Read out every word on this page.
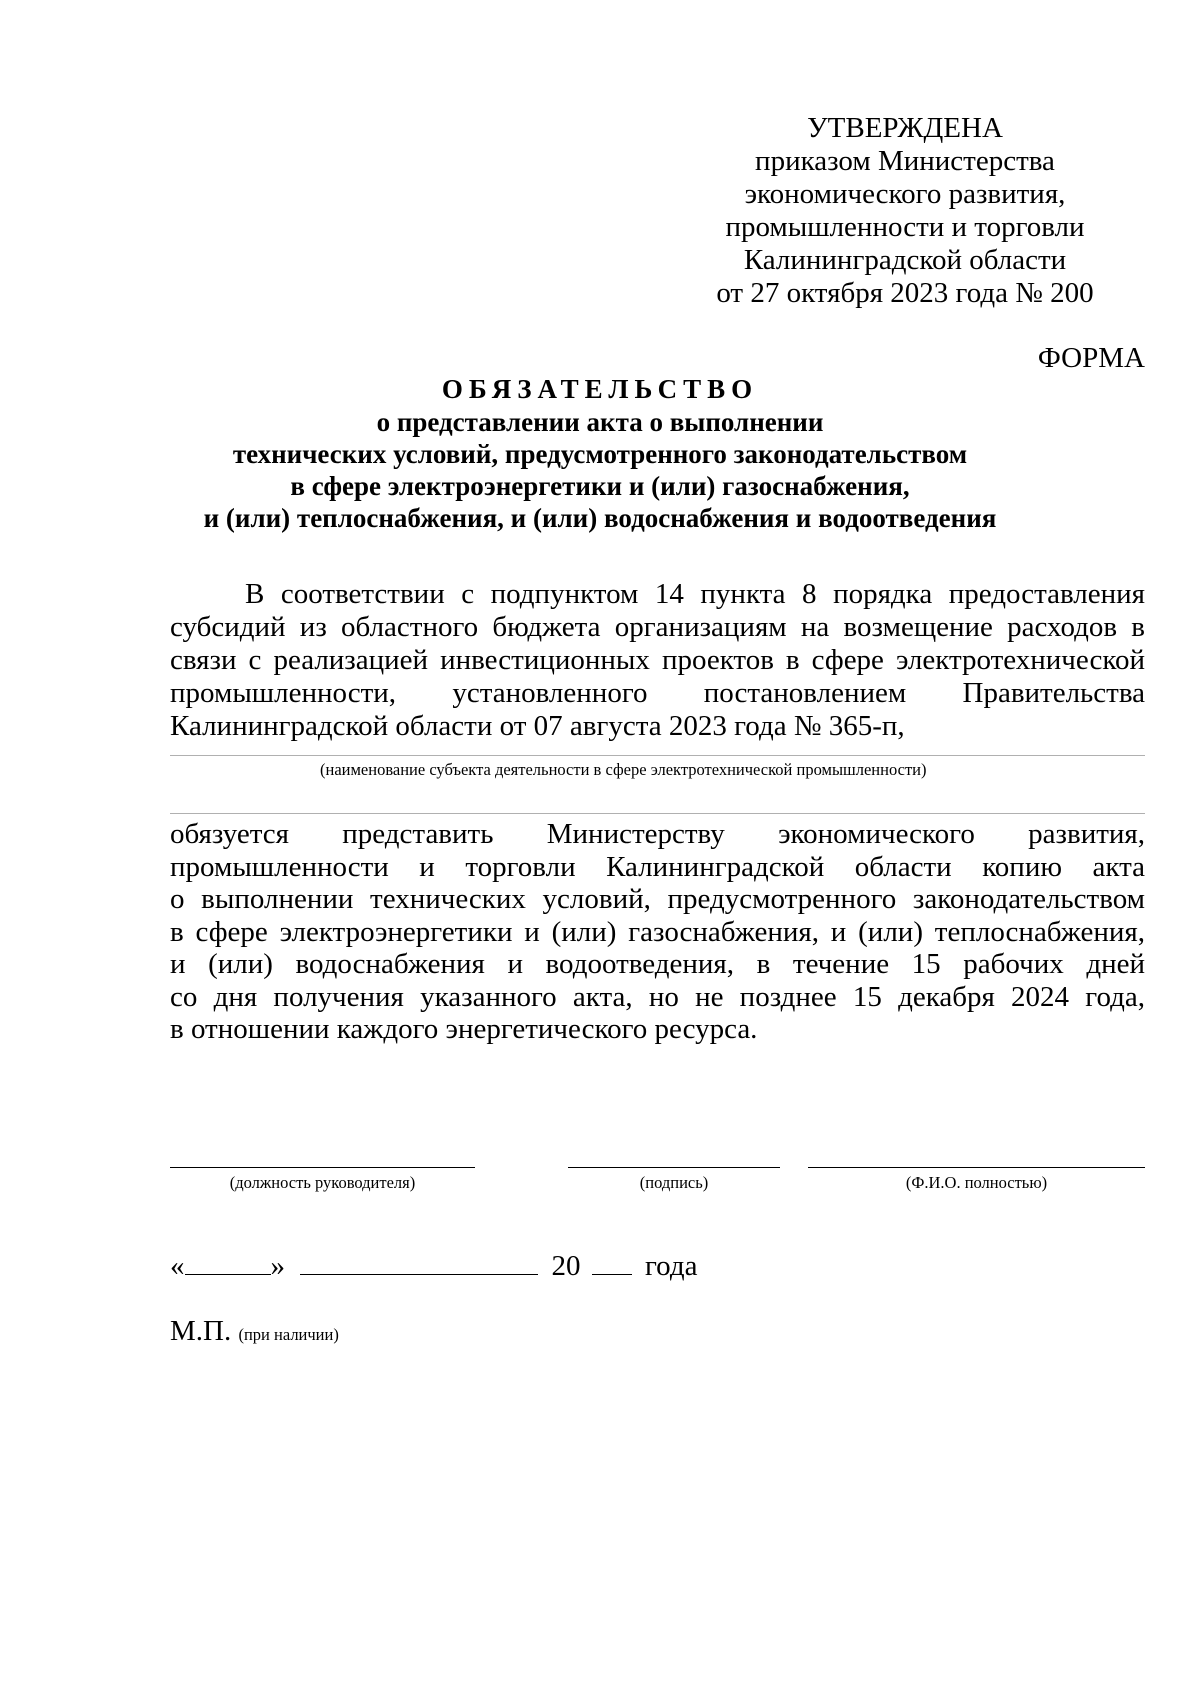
УТВЕРЖДЕНА
приказом Министерства
экономического развития,
промышленности и торговли
Калининградской области
от 27 октября 2023 года № 200
ФОРМА
ОБЯЗАТЕЛЬСТВО
о представлении акта о выполнении
технических условий, предусмотренного законодательством
в сфере электроэнергетики и (или) газоснабжения,
и (или) теплоснабжения, и (или) водоснабжения и водоотведения
В соответствии с подпунктом 14 пункта 8 порядка предоставления субсидий из областного бюджета организациям на возмещение расходов в связи с реализацией инвестиционных проектов в сфере электротехнической промышленности, установленного постановлением Правительства Калининградской области от 07 августа 2023 года № 365-п,
(наименование субъекта деятельности в сфере электротехнической промышленности)
обязуется представить Министерству экономического развития,
промышленности и торговли Калининградской области копию акта
о выполнении технических условий, предусмотренного законодательством
в сфере электроэнергетики и (или) газоснабжения, и (или) теплоснабжения,
и (или) водоснабжения и водоотведения, в течение 15 рабочих дней
со дня получения указанного акта, но не позднее 15 декабря 2024 года,
в отношении каждого энергетического ресурса.
(должность руководителя)	(подпись)	(Ф.И.О. полностью)
«	»	20 года
М.П. (при наличии)
